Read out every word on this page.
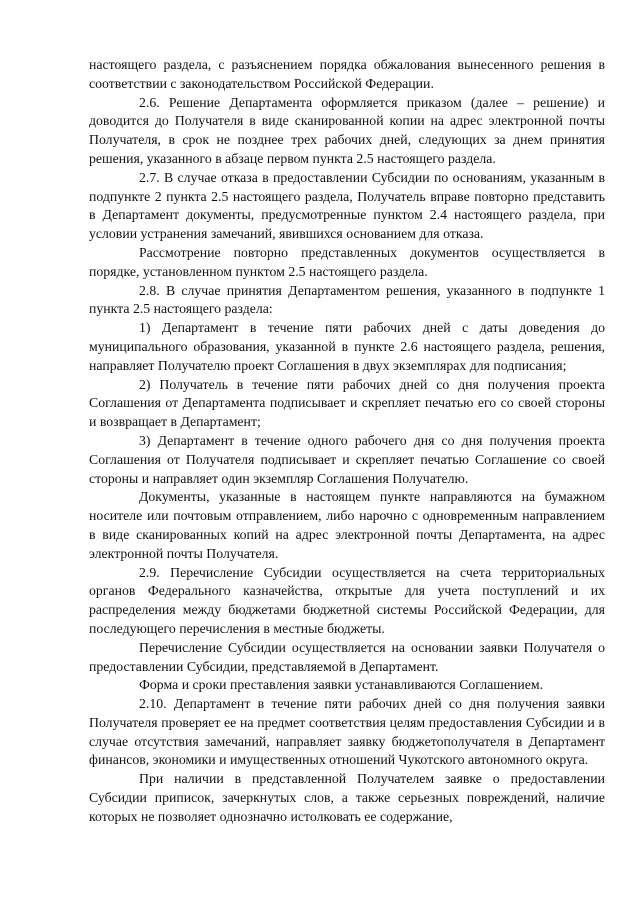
настоящего раздела, с разъяснением порядка обжалования вынесенного решения в соответствии с законодательством Российской Федерации.

2.6. Решение Департамента оформляется приказом (далее – решение) и доводится до Получателя в виде сканированной копии на адрес электронной почты Получателя, в срок не позднее трех рабочих дней, следующих за днем принятия решения, указанного в абзаце первом пункта 2.5 настоящего раздела.

2.7. В случае отказа в предоставлении Субсидии по основаниям, указанным в подпункте 2 пункта 2.5 настоящего раздела, Получатель вправе повторно представить в Департамент документы, предусмотренные пунктом 2.4 настоящего раздела, при условии устранения замечаний, явившихся основанием для отказа.

Рассмотрение повторно представленных документов осуществляется в порядке, установленном пунктом 2.5 настоящего раздела.

2.8. В случае принятия Департаментом решения, указанного в подпункте 1 пункта 2.5 настоящего раздела:

1) Департамент в течение пяти рабочих дней с даты доведения до муниципального образования, указанной в пункте 2.6 настоящего раздела, решения, направляет Получателю проект Соглашения в двух экземплярах для подписания;

2) Получатель в течение пяти рабочих дней со дня получения проекта Соглашения от Департамента подписывает и скрепляет печатью его со своей стороны и возвращает в Департамент;

3) Департамент в течение одного рабочего дня со дня получения проекта Соглашения от Получателя подписывает и скрепляет печатью Соглашение со своей стороны и направляет один экземпляр Соглашения Получателю.

Документы, указанные в настоящем пункте направляются на бумажном носителе или почтовым отправлением, либо нарочно с одновременным направлением в виде сканированных копий на адрес электронной почты Департамента, на адрес электронной почты Получателя.

2.9. Перечисление Субсидии осуществляется на счета территориальных органов Федерального казначейства, открытые для учета поступлений и их распределения между бюджетами бюджетной системы Российской Федерации, для последующего перечисления в местные бюджеты.

Перечисление Субсидии осуществляется на основании заявки Получателя о предоставлении Субсидии, представляемой в Департамент.

Форма и сроки преставления заявки устанавливаются Соглашением.

2.10. Департамент в течение пяти рабочих дней со дня получения заявки Получателя проверяет ее на предмет соответствия целям предоставления Субсидии и в случае отсутствия замечаний, направляет заявку бюджетополучателя в Департамент финансов, экономики и имущественных отношений Чукотского автономного округа.

При наличии в представленной Получателем заявке о предоставлении Субсидии приписок, зачеркнутых слов, а также серьезных повреждений, наличие которых не позволяет однозначно истолковать ее содержание,
